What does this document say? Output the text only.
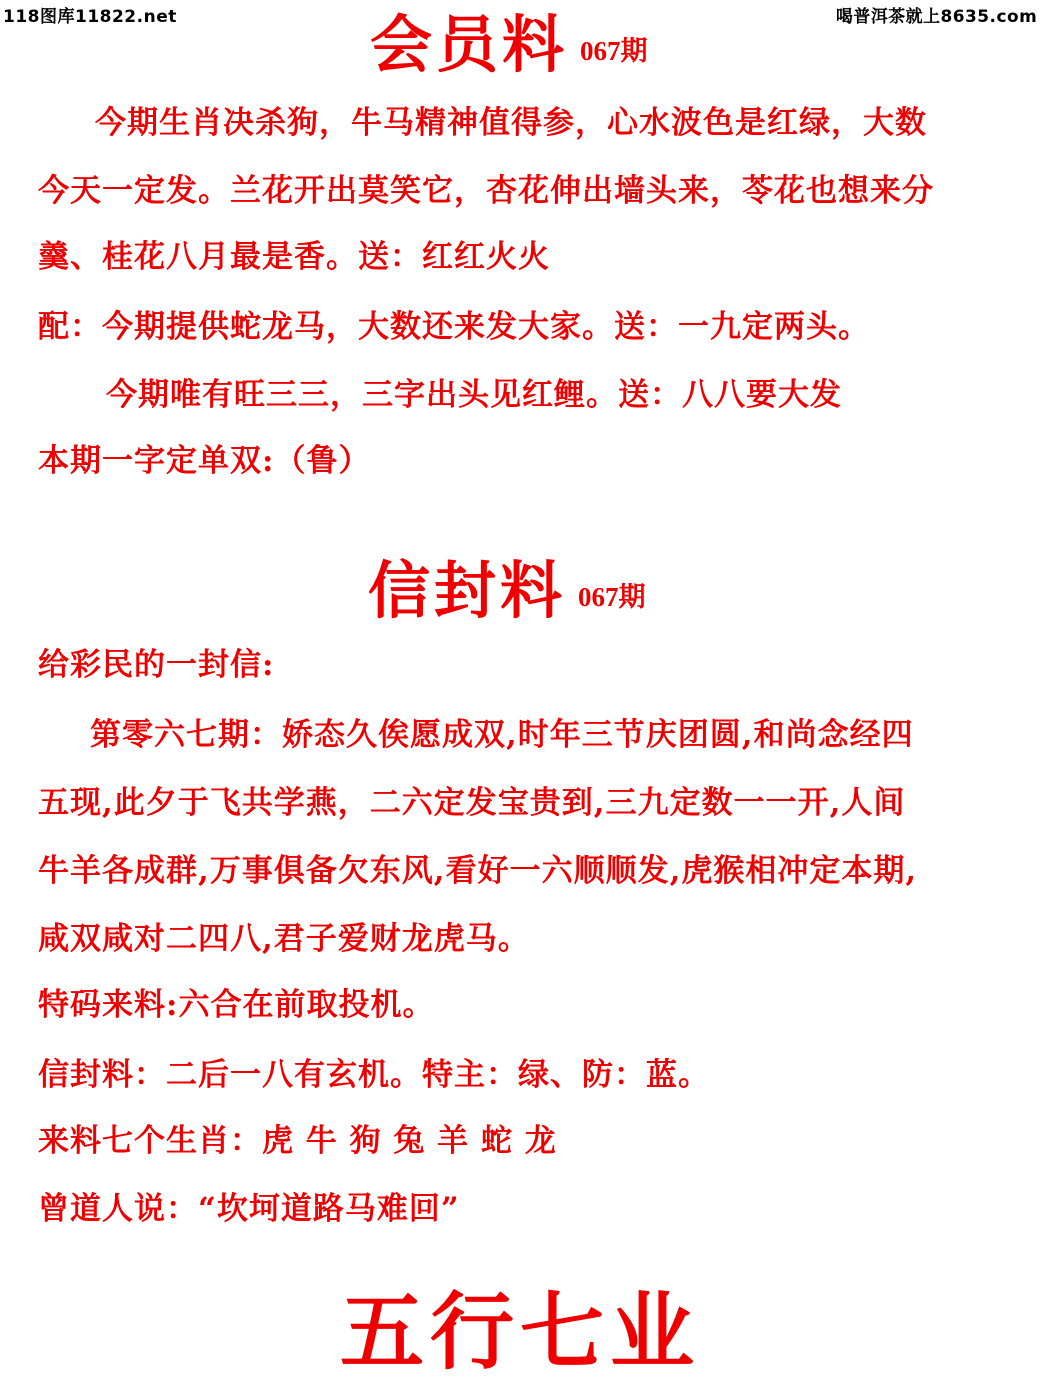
118图库11822.net	喝普洱茶就上8635.com
会员料 067期
今期生肖决杀狗，牛马精神值得参，心水波色是红绿，大数
今天一定发。兰花开出莫笑它，杏花伸出墙头来，苓花也想来分
羹、桂花八月最是香。送：红红火火
配：今期提供蛇龙马，大数还来发大家。送：一九定两头。
今期唯有旺三三，三字出头见红鲤。送：八八要大发
本期一字定单双:（鲁）
信封料 067期
给彩民的一封信:
第零六七期：娇态久俟愿成双,时年三节庆团圆,和尚念经四
五现,此夕于飞共学燕，二六定发宝贵到,三九定数一一开,人间
牛羊各成群,万事俱备欠东风,看好一六顺顺发,虎猴相冲定本期,
咸双咸对二四八,君子爱财龙虎马。
特码来料:六合在前取投机。
信封料：二后一八有玄机。特主：绿、防：蓝。
来料七个生肖：虎 牛 狗 兔 羊 蛇 龙
曾道人说：“坎坷道路马难回”
五行七业
